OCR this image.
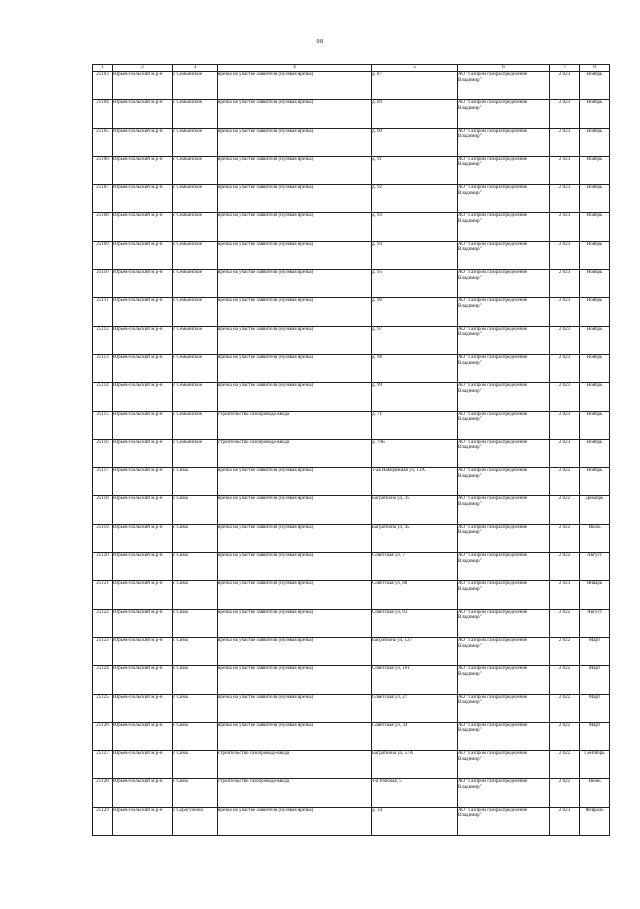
98
1	2	3	4	5	6	7	8
25103	Юрьев-Польский м.р-н	с Семьинское	врезка на участке заявителя (нулевая врезка)	д. 87	АО "Газпром газораспределение Владимир"	2 023	Ноябрь
25104	Юрьев-Польский м.р-н	с Семьинское	врезка на участке заявителя (нулевая врезка)	д. 89	АО "Газпром газораспределение Владимир"	2 023	Ноябрь
25105	Юрьев-Польский м.р-н	с Семьинское	врезка на участке заявителя (нулевая врезка)	д. 90	АО "Газпром газораспределение Владимир"	2 023	Ноябрь
25106	Юрьев-Польский м.р-н	с Семьинское	врезка на участке заявителя (нулевая врезка)	д. 91	АО "Газпром газораспределение Владимир"	2 023	Ноябрь
25107	Юрьев-Польский м.р-н	с Семьинское	врезка на участке заявителя (нулевая врезка)	д. 92	АО "Газпром газораспределение Владимир"	2 023	Ноябрь
25108	Юрьев-Польский м.р-н	с Семьинское	врезка на участке заявителя (нулевая врезка)	д. 93	АО "Газпром газораспределение Владимир"	2 023	Ноябрь
25109	Юрьев-Польский м.р-н	с Семьинское	врезка на участке заявителя (нулевая врезка)	д. 94	АО "Газпром газораспределение Владимир"	2 023	Ноябрь
25110	Юрьев-Польский м.р-н	с Семьинское	врезка на участке заявителя (нулевая врезка)	д. 95	АО "Газпром газораспределение Владимир"	2 023	Ноябрь
25111	Юрьев-Польский м.р-н	с Семьинское	врезка на участке заявителя (нулевая врезка)	д. 96	АО "Газпром газораспределение Владимир"	2 023	Ноябрь
25112	Юрьев-Польский м.р-н	с Семьинское	врезка на участке заявителя (нулевая врезка)	д. 97	АО "Газпром газораспределение Владимир"	2 023	Ноябрь
25113	Юрьев-Польский м.р-н	с Семьинское	врезка на участке заявителя (нулевая врезка)	д. 98	АО "Газпром газораспределение Владимир"	2 023	Ноябрь
25114	Юрьев-Польский м.р-н	с Семьинское	врезка на участке заявителя (нулевая врезка)	д. 99	АО "Газпром газораспределение Владимир"	2 023	Ноябрь
25115	Юрьев-Польский м.р-н	с Семьинское	строительство газопровода-ввода	д. 71	АО "Газпром газораспределение Владимир"	2 023	Ноябрь
25116	Юрьев-Польский м.р-н	с Семьинское	строительство газопровода-ввода	д. 79Б	АО "Газпром газораспределение Владимир"	2 023	Ноябрь
25117	Юрьев-Польский м.р-н	с Сима	врезка на участке заявителя (нулевая врезка)	1-ая Набережная ул, 13А	АО "Газпром газораспределение Владимир"	2 022	Ноябрь
25118	Юрьев-Польский м.р-н	с Сима	врезка на участке заявителя (нулевая врезка)	Багратиона ул, 35	АО "Газпром газораспределение Владимир"	2 022	Декабрь
25119	Юрьев-Польский м.р-н	с Сима	врезка на участке заявителя (нулевая врезка)	Багратиона ул, 45	АО "Газпром газораспределение Владимир"	2 022	Июль
25120	Юрьев-Польский м.р-н	с Сима	врезка на участке заявителя (нулевая врезка)	Советская ул, 7	АО "Газпром газораспределение Владимир"	2 022	Август
25121	Юрьев-Польский м.р-н	с Сима	врезка на участке заявителя (нулевая врезка)	Советская ул, 88	АО "Газпром газораспределение Владимир"	2 023	Январь
25122	Юрьев-Польский м.р-н	с Сима	врезка на участке заявителя (нулевая врезка)	Советская ул, 93	АО "Газпром газораспределение Владимир"	2 022	Август
25123	Юрьев-Польский м.р-н	с Сима	врезка на участке заявителя (нулевая врезка)	Багратиона ул, 127	АО "Газпром газораспределение Владимир"	2 022	Март
25124	Юрьев-Польский м.р-н	с Сима	врезка на участке заявителя (нулевая врезка)	Советская ул, 101	АО "Газпром газораспределение Владимир"	2 022	Март
25125	Юрьев-Польский м.р-н	с Сима	врезка на участке заявителя (нулевая врезка)	Советская ул, 27	АО "Газпром газораспределение Владимир"	2 022	Март
25126	Юрьев-Польский м.р-н	с Сима	врезка на участке заявителя (нулевая врезка)	Советская ул, 34	АО "Газпром газораспределение Владимир"	2 022	Март
25127	Юрьев-Польский м.р-н	с Сима	строительство газопровода-ввода	Багратиона ул, 57А	АО "Газпром газораспределение Владимир"	2 022	Сентябрь
25128	Юрьев-Польский м.р-н	с Сима	строительство газопровода-ввода	1-я Рабочая, 5	АО "Газпром газораспределение Владимир"	2 022	Июнь
25129	Юрьев-Польский м.р-н	с Сорогужино	врезка на участке заявителя (нулевая врезка)	д. 34	АО "Газпром газораспределение Владимир"	2 023	Февраль
